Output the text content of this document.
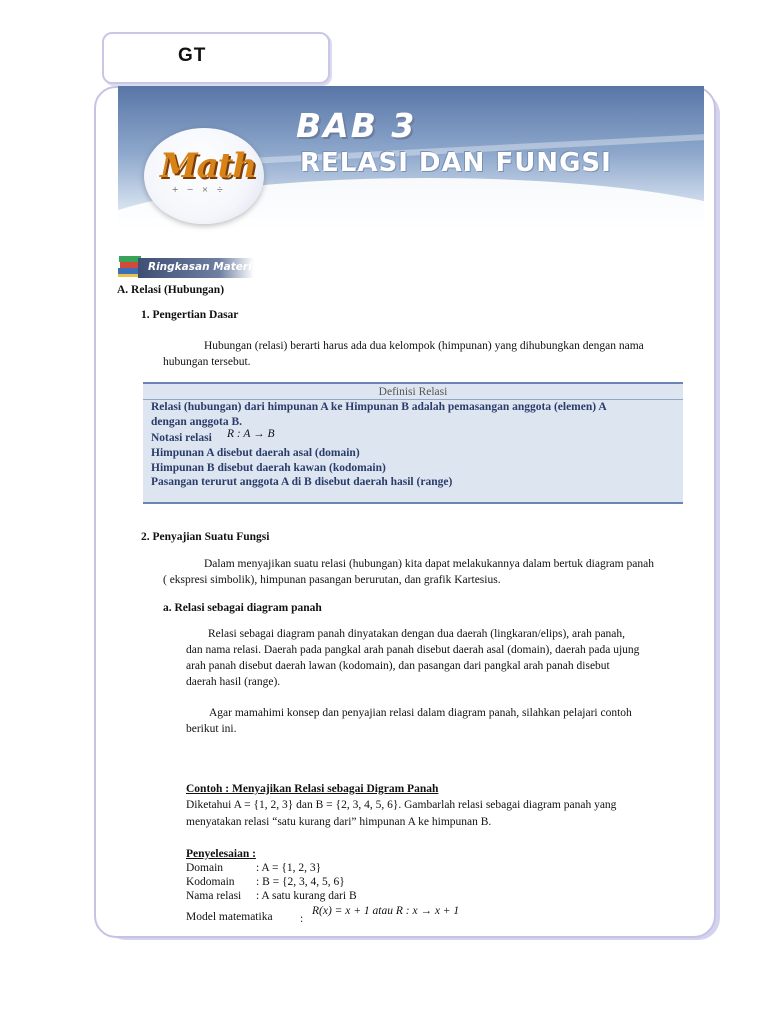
GT
Math
+ − × ÷
BAB 3
RELASI DAN FUNGSI
Ringkasan Materi
A. Relasi (Hubungan)
1. Pengertian Dasar
Hubungan (relasi) berarti harus ada dua kelompok (himpunan) yang dihubungkan dengan nama
hubungan tersebut.
Definisi Relasi
Relasi (hubungan) dari himpunan A ke Himpunan B adalah pemasangan anggota (elemen) A
dengan anggota B.
Notasi relasi R : A → B
Himpunan A disebut daerah asal (domain)
Himpunan B disebut daerah kawan (kodomain)
Pasangan terurut anggota A di B disebut daerah hasil (range)
2. Penyajian Suatu Fungsi
Dalam menyajikan suatu relasi (hubungan) kita dapat melakukannya dalam bertuk diagram panah
( ekspresi simbolik), himpunan pasangan berurutan, dan grafik Kartesius.
a. Relasi sebagai diagram panah
Relasi sebagai diagram panah dinyatakan dengan dua daerah (lingkaran/elips), arah panah,
dan nama relasi. Daerah pada pangkal arah panah disebut daerah asal (domain), daerah pada ujung
arah panah disebut daerah lawan (kodomain), dan pasangan dari pangkal arah panah disebut
daerah hasil (range).
Agar mamahimi konsep dan penyajian relasi dalam diagram panah, silahkan pelajari contoh
berikut ini.
Contoh : Menyajikan Relasi sebagai Digram Panah
Diketahui A = {1, 2, 3} dan B = {2, 3, 4, 5, 6}. Gambarlah relasi sebagai diagram panah yang
menyatakan relasi “satu kurang dari” himpunan A ke himpunan B.
Penyelesaian :
Domain	: A = {1, 2, 3}
Kodomain : B = {2, 3, 4, 5, 6}
Nama relasi : A satu kurang dari B
Model matematika :
R(x) = x + 1 atau R : x → x + 1
